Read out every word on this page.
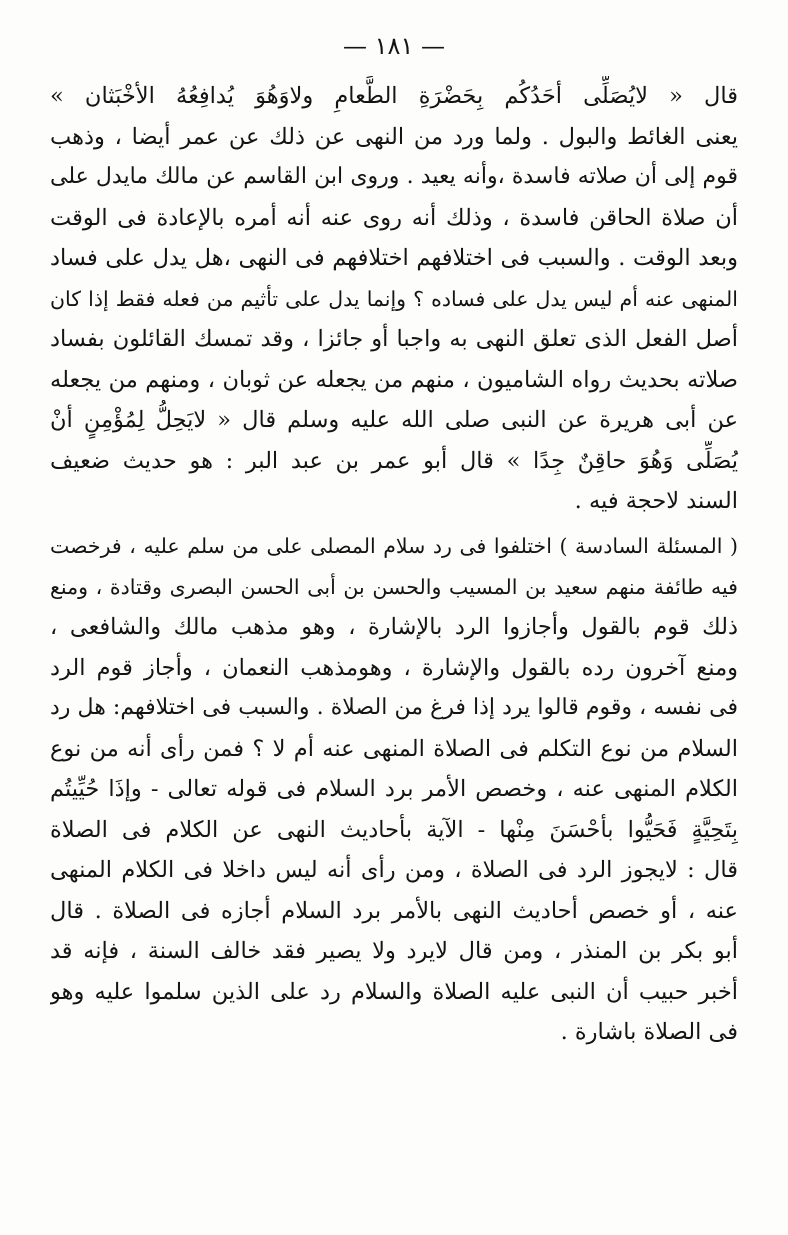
— ١٨١ —
قال « لايُصَلِّى أحَدُكُم بِحَضْرَةِ الطَّعامِ ولاوَهُوَ يُدافِعُهُ الأخْبَثان »
يعنى الغائط والبول . ولما ورد من النهى عن ذلك عن عمر أيضا ، وذهب
قوم إلى أن صلاته فاسدة ،وأنه يعيد . وروى ابن القاسم عن مالك مايدل على
أن صلاة الحاقن فاسدة ، وذلك أنه روى عنه أنه أمره بالإعادة فى الوقت
وبعد الوقت . والسبب فى اختلافهم اختلافهم فى النهى ،هل يدل على فساد
المنهى عنه أم ليس يدل على فساده ؟ وإنما يدل على تأثيم من فعله فقط إذا كان
أصل الفعل الذى تعلق النهى به واجبا أو جائزا ، وقد تمسك القائلون بفساد
صلاته بحديث رواه الشاميون ، منهم من يجعله عن ثوبان ، ومنهم من يجعله
عن أبى هريرة عن النبى صلى الله عليه وسلم قال « لايَحِلُّ لِمُؤْمِنٍ أنْ
يُصَلِّى وَهُوَ حاقِنٌ جِدًا » قال أبو عمر بن عبد البر : هو حديث ضعيف
السند لاحجة فيه .
( المسئلة السادسة ) اختلفوا فى رد سلام المصلى على من سلم عليه ، فرخصت
فيه طائفة منهم سعيد بن المسيب والحسن بن أبى الحسن البصرى وقتادة ، ومنع
ذلك قوم بالقول وأجازوا الرد بالإشارة ، وهو مذهب مالك والشافعى ،
ومنع آخرون رده بالقول والإشارة ، وهومذهب النعمان ، وأجاز قوم الرد
فى نفسه ، وقوم قالوا يرد إذا فرغ من الصلاة . والسبب فى اختلافهم: هل رد
السلام من نوع التكلم فى الصلاة المنهى عنه أم لا ؟ فمن رأى أنه من نوع
الكلام المنهى عنه ، وخصص الأمر برد السلام فى قوله تعالى - وإذَا حُيِّيتُم
بِتَحِيَّةٍ فَحَيُّوا بأحْسَنَ مِنْها - الآية بأحاديث النهى عن الكلام فى الصلاة
قال : لايجوز الرد فى الصلاة ، ومن رأى أنه ليس داخلا فى الكلام المنهى
عنه ، أو خصص أحاديث النهى بالأمر برد السلام أجازه فى الصلاة . قال
أبو بكر بن المنذر ، ومن قال لايرد ولا يصير فقد خالف السنة ، فإنه قد
أخبر حبيب أن النبى عليه الصلاة والسلام رد على الذين سلموا عليه وهو
فى الصلاة باشارة .
